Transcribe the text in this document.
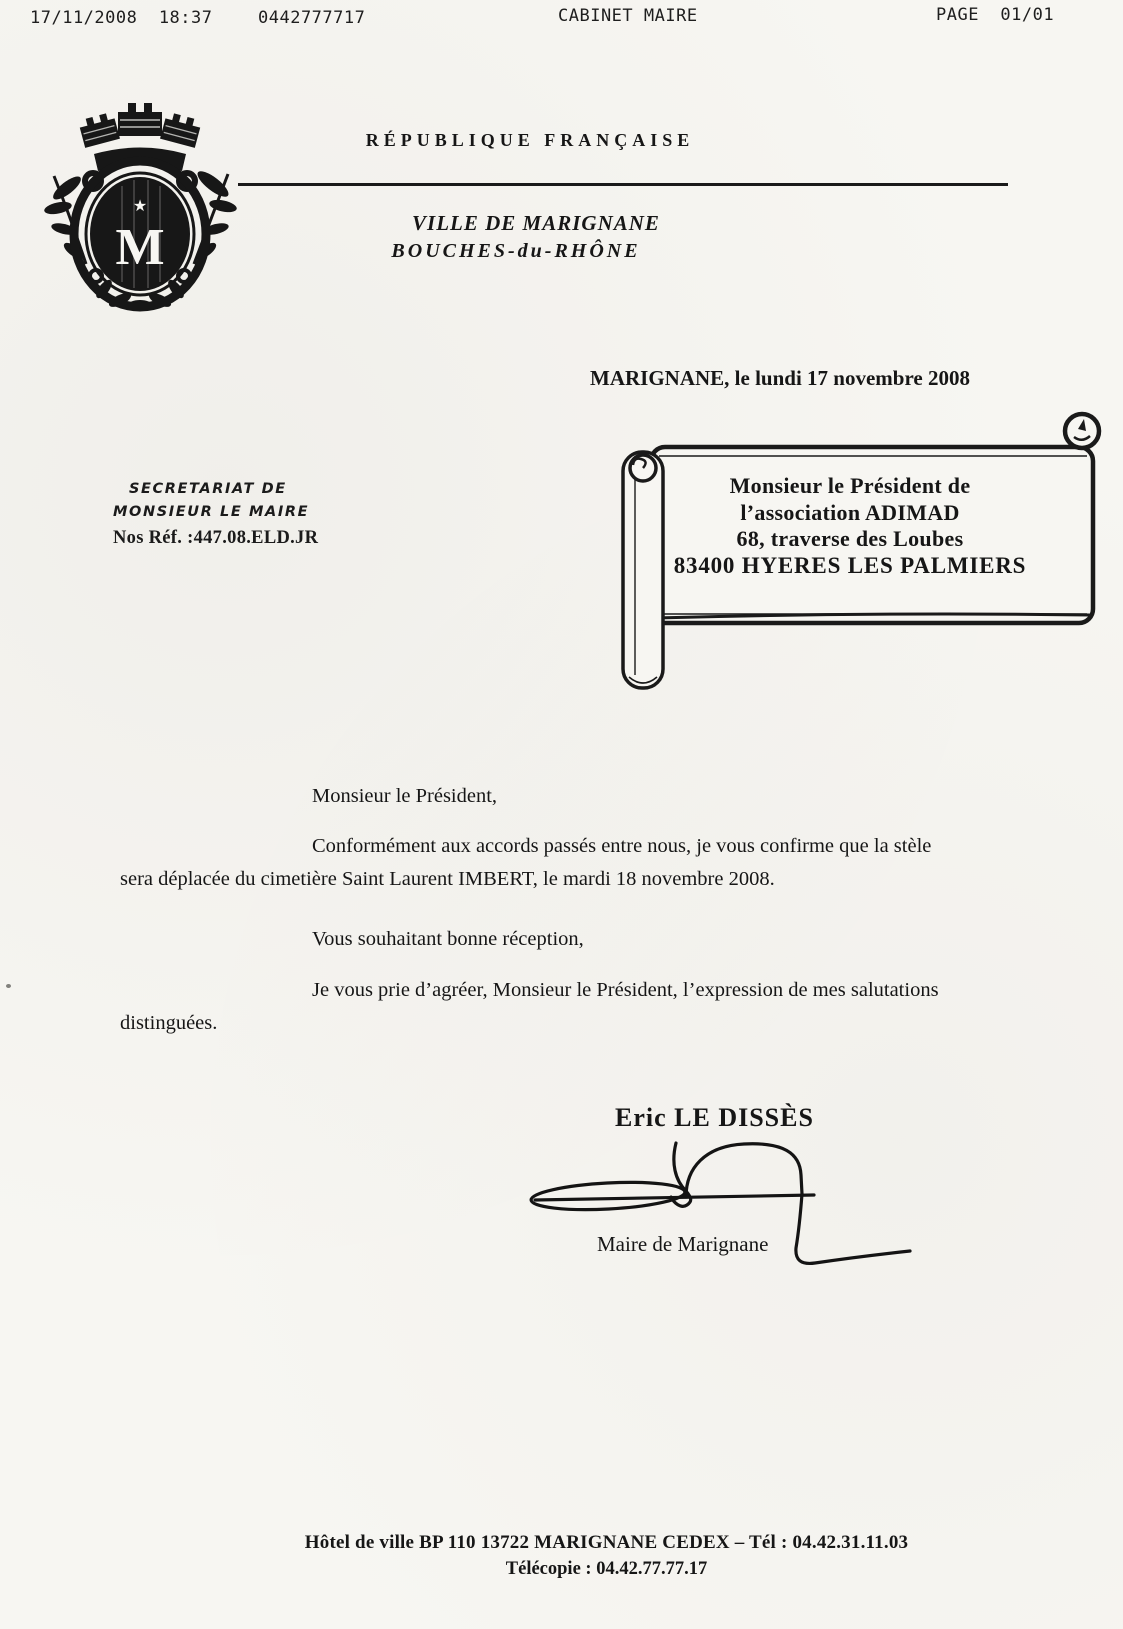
17/11/2008  18:37	0442777717	CABINET MAIRE	PAGE  01/01
★
M
RÉPUBLIQUE FRANÇAISE
VILLE DE MARIGNANE
BOUCHES-du-RHÔNE
MARIGNANE, le lundi 17 novembre 2008
SECRETARIAT DE
MONSIEUR LE MAIRE
Nos Réf. :447.08.ELD.JR
Monsieur le Président de
l’association ADIMAD
68, traverse des Loubes
83400 HYERES LES PALMIERS
Monsieur le Président,
Conformément aux accords passés entre nous, je vous confirme que la stèle
sera déplacée du cimetière Saint Laurent IMBERT, le mardi 18 novembre 2008.
Vous souhaitant bonne réception,
Je vous prie d’agréer, Monsieur le Président, l’expression de mes salutations
distinguées.
Eric LE DISSÈS
Maire de Marignane
Hôtel de ville BP 110 13722 MARIGNANE CEDEX – Tél : 04.42.31.11.03
Télécopie : 04.42.77.77.17
